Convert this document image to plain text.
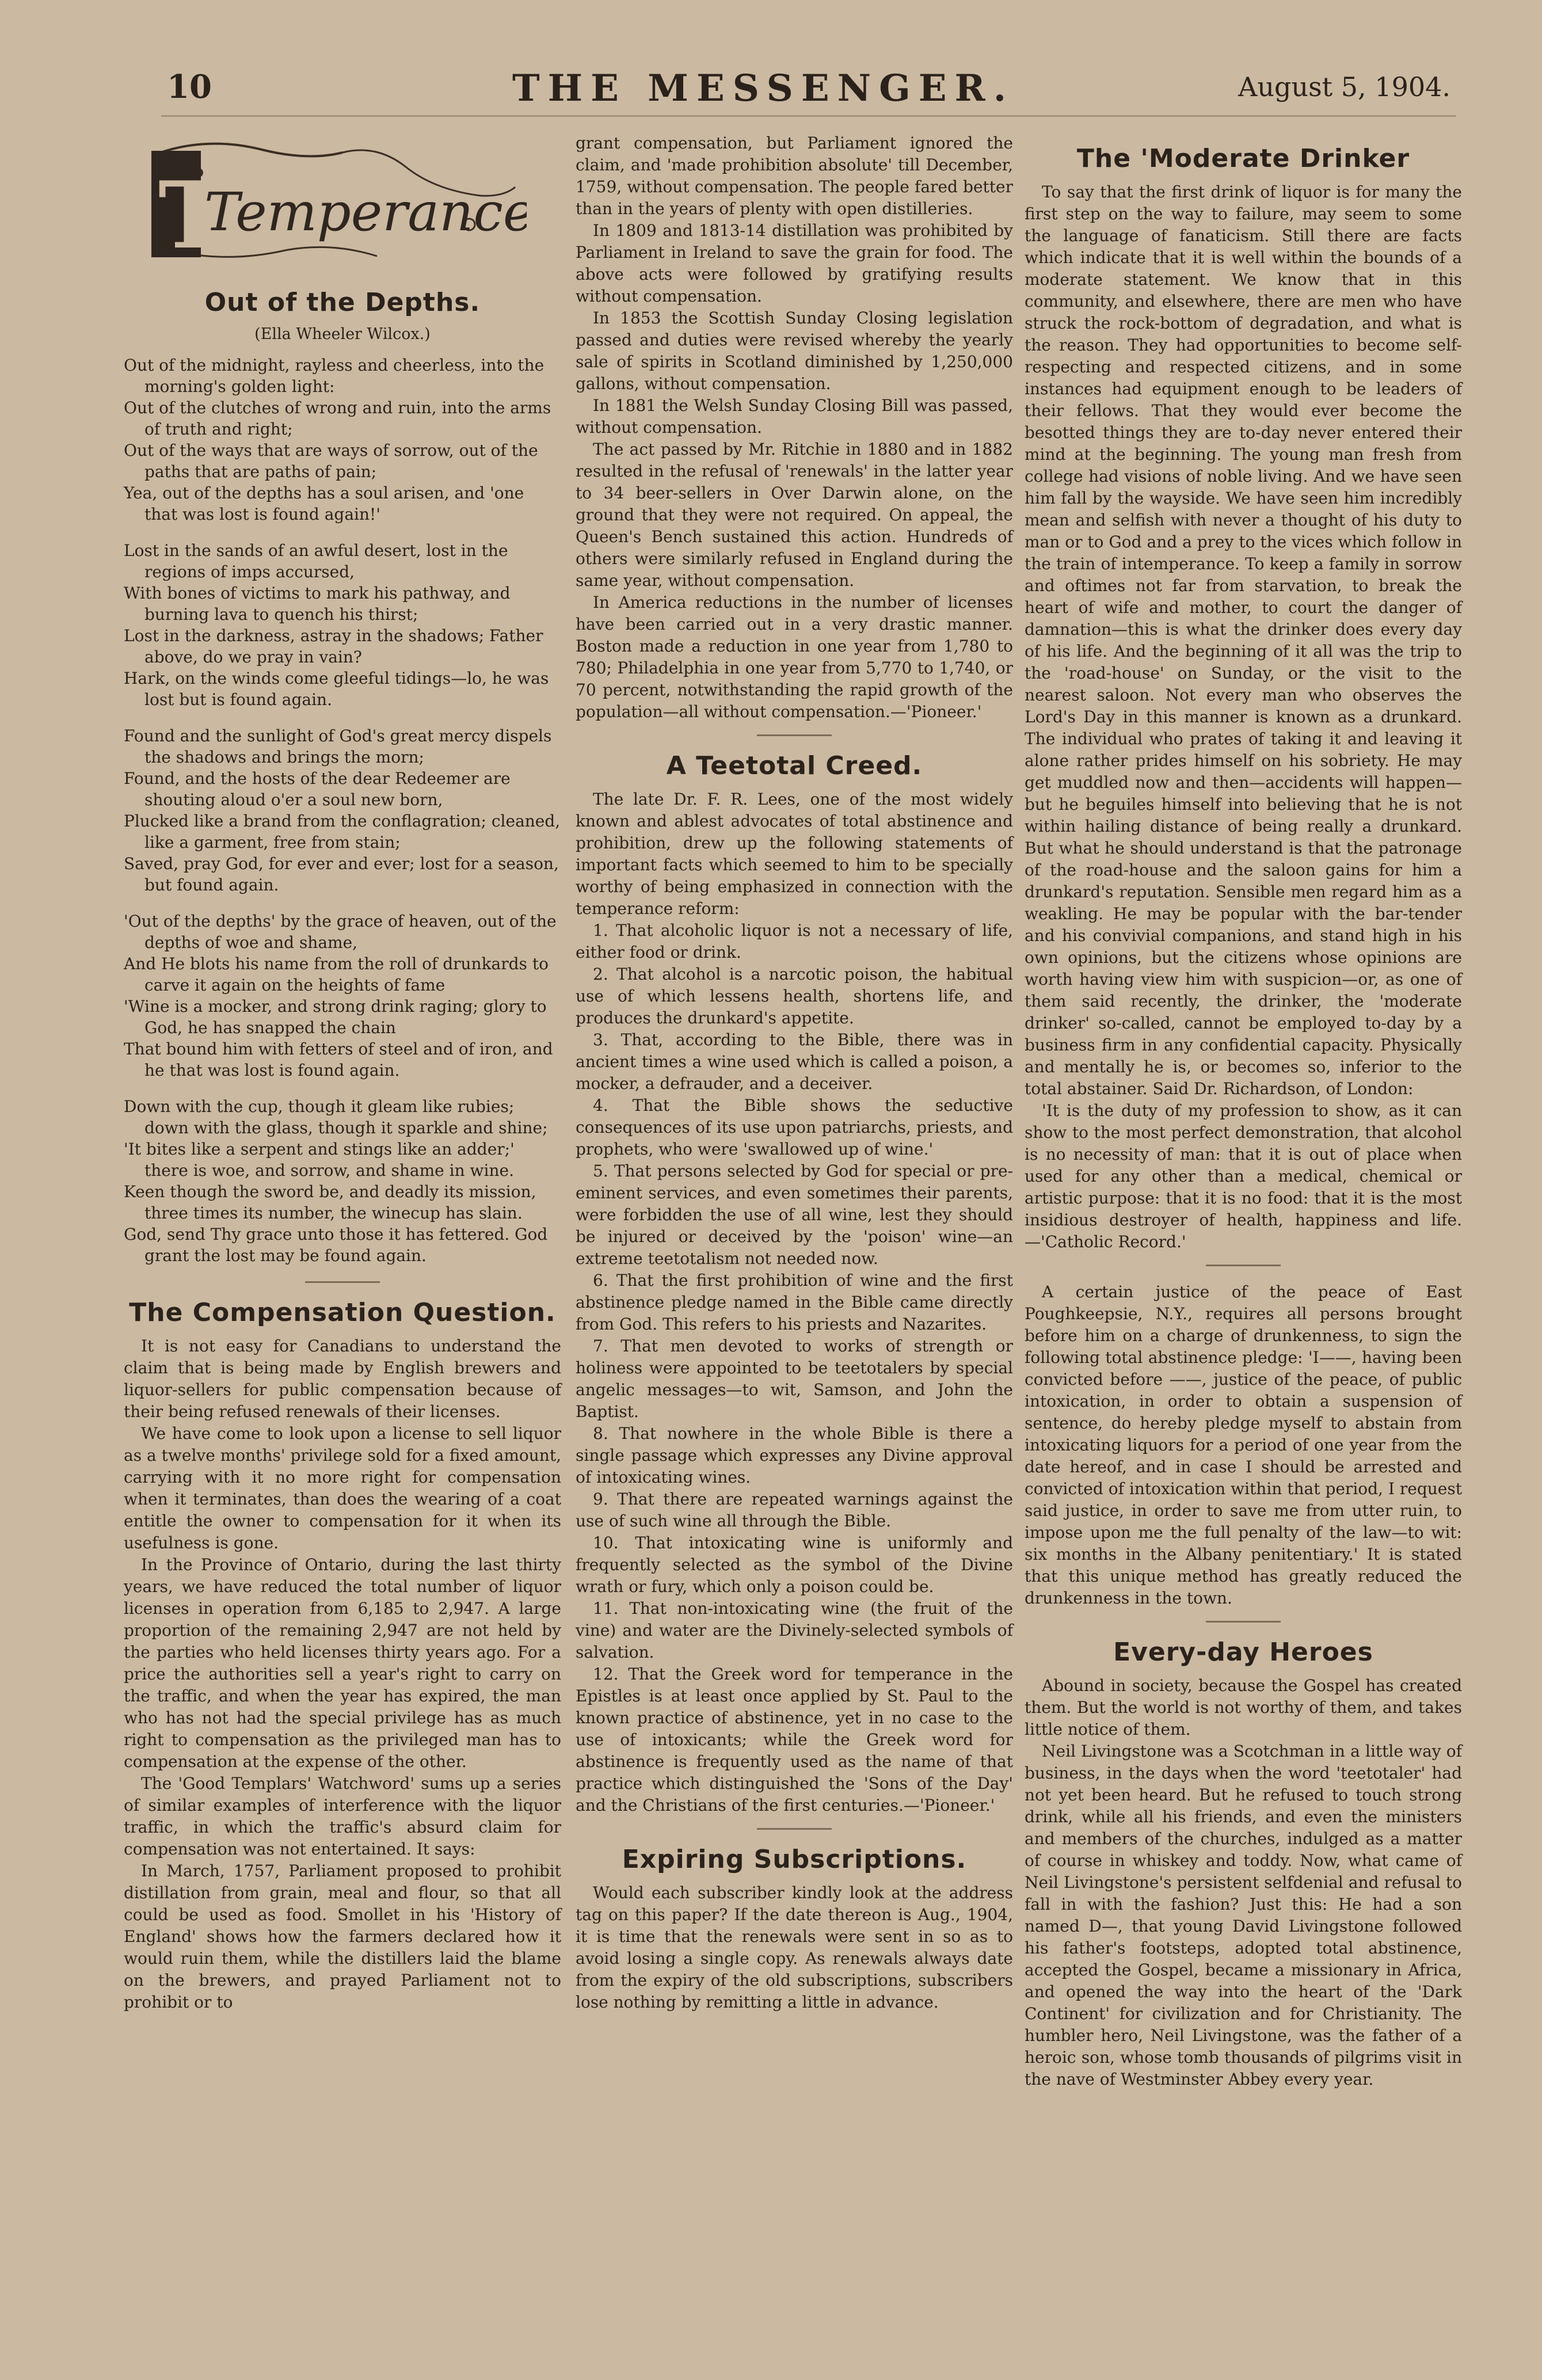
10	THE MESSENGER.	August 5, 1904.
T
Temperance
Out of the Depths.
(Ella Wheeler Wilcox.)
Out of the midnight, rayless and cheerless, into the morning's golden light:
Out of the clutches of wrong and ruin, into the arms of truth and right;
Out of the ways that are ways of sorrow, out of the paths that are paths of pain;
Yea, out of the depths has a soul arisen, and 'one that was lost is found again!'
Lost in the sands of an awful desert, lost in the regions of imps accursed,
With bones of victims to mark his pathway, and burning lava to quench his thirst;
Lost in the darkness, astray in the shadows; Father above, do we pray in vain?
Hark, on the winds come gleeful tidings—lo, he was lost but is found again.
Found and the sunlight of God's great mercy dispels the shadows and brings the morn;
Found, and the hosts of the dear Redeemer are shouting aloud o'er a soul new born,
Plucked like a brand from the conflagration; cleaned, like a garment, free from stain;
Saved, pray God, for ever and ever; lost for a season, but found again.
'Out of the depths' by the grace of heaven, out of the depths of woe and shame,
And He blots his name from the roll of drunkards to carve it again on the heights of fame
'Wine is a mocker, and strong drink raging; glory to God, he has snapped the chain
That bound him with fetters of steel and of iron, and he that was lost is found again.
Down with the cup, though it gleam like rubies; down with the glass, though it sparkle and shine;
'It bites like a serpent and stings like an adder;' there is woe, and sorrow, and shame in wine.
Keen though the sword be, and deadly its mission, three times its number, the winecup has slain.
God, send Thy grace unto those it has fettered. God grant the lost may be found again.
The Compensation Question.

It is not easy for Canadians to understand the claim that is being made by English brewers and liquor-sellers for public compensation because of their being refused renewals of their licenses.

We have come to look upon a license to sell liquor as a twelve months' privilege sold for a fixed amount, carrying with it no more right for compensation when it terminates, than does the wearing of a coat entitle the owner to compensation for it when its usefulness is gone.

In the Province of Ontario, during the last thirty years, we have reduced the total number of liquor licenses in operation from 6,185 to 2,947. A large proportion of the remaining 2,947 are not held by the parties who held licenses thirty years ago. For a price the authorities sell a year's right to carry on the traffic, and when the year has expired, the man who has not had the special privilege has as much right to compensation as the privileged man has to compensation at the expense of the other.

The 'Good Templars' Watchword' sums up a series of similar examples of interference with the liquor traffic, in which the traffic's absurd claim for compensation was not entertained. It says:

In March, 1757, Parliament proposed to prohibit distillation from grain, meal and flour, so that all could be used as food. Smollet in his 'History of England' shows how the farmers declared how it would ruin them, while the distillers laid the blame on the brewers, and prayed Parliament not to prohibit or to

grant compensation, but Parliament ignored the claim, and 'made prohibition absolute' till December, 1759, without compensation. The people fared better than in the years of plenty with open distilleries.

In 1809 and 1813-14 distillation was prohibited by Parliament in Ireland to save the grain for food. The above acts were followed by gratifying results without compensation.

In 1853 the Scottish Sunday Closing legislation passed and duties were revised whereby the yearly sale of spirits in Scotland diminished by 1,250,000 gallons, without compensation.

In 1881 the Welsh Sunday Closing Bill was passed, without compensation.

The act passed by Mr. Ritchie in 1880 and in 1882 resulted in the refusal of 'renewals' in the latter year to 34 beer-sellers in Over Darwin alone, on the ground that they were not required. On appeal, the Queen's Bench sustained this action. Hundreds of others were similarly refused in England during the same year, without compensation.

In America reductions in the number of licenses have been carried out in a very drastic manner. Boston made a reduction in one year from 1,780 to 780; Philadelphia in one year from 5,770 to 1,740, or 70 percent, notwithstanding the rapid growth of the population—all without compensation.—'Pioneer.'

A Teetotal Creed.

The late Dr. F. R. Lees, one of the most widely known and ablest advocates of total abstinence and prohibition, drew up the following statements of important facts which seemed to him to be specially worthy of being emphasized in connection with the temperance reform:

1. That alcoholic liquor is not a necessary of life, either food or drink.

2. That alcohol is a narcotic poison, the habitual use of which lessens health, shortens life, and produces the drunkard's appetite.

3. That, according to the Bible, there was in ancient times a wine used which is called a poison, a mocker, a defrauder, and a deceiver.

4. That the Bible shows the seductive consequences of its use upon patriarchs, priests, and prophets, who were 'swallowed up of wine.'

5. That persons selected by God for special or pre-eminent services, and even sometimes their parents, were forbidden the use of all wine, lest they should be injured or deceived by the 'poison' wine—an extreme teetotalism not needed now.

6. That the first prohibition of wine and the first abstinence pledge named in the Bible came directly from God. This refers to his priests and Nazarites.

7. That men devoted to works of strength or holiness were appointed to be teetotalers by special angelic messages—to wit, Samson, and John the Baptist.

8. That nowhere in the whole Bible is there a single passage which expresses any Divine approval of intoxicating wines.

9. That there are repeated warnings against the use of such wine all through the Bible.

10. That intoxicating wine is uniformly and frequently selected as the symbol of the Divine wrath or fury, which only a poison could be.

11. That non-intoxicating wine (the fruit of the vine) and water are the Divinely-selected symbols of salvation.

12. That the Greek word for temperance in the Epistles is at least once applied by St. Paul to the known practice of abstinence, yet in no case to the use of intoxicants; while the Greek word for abstinence is frequently used as the name of that practice which distinguished the 'Sons of the Day' and the Christians of the first centuries.—'Pioneer.'

Expiring Subscriptions.

Would each subscriber kindly look at the address tag on this paper? If the date thereon is Aug., 1904, it is time that the renewals were sent in so as to avoid losing a single copy. As renewals always date from the expiry of the old subscriptions, subscribers lose nothing by remitting a little in advance.

The 'Moderate Drinker

To say that the first drink of liquor is for many the first step on the way to failure, may seem to some the language of fanaticism. Still there are facts which indicate that it is well within the bounds of a moderate statement. We know that in this community, and elsewhere, there are men who have struck the rock-bottom of degradation, and what is the reason. They had opportunities to become self-respecting and respected citizens, and in some instances had equipment enough to be leaders of their fellows. That they would ever become the besotted things they are to-day never entered their mind at the beginning. The young man fresh from college had visions of noble living. And we have seen him fall by the wayside. We have seen him incredibly mean and selfish with never a thought of his duty to man or to God and a prey to the vices which follow in the train of intemperance. To keep a family in sorrow and oftimes not far from starvation, to break the heart of wife and mother, to court the danger of damnation—this is what the drinker does every day of his life. And the beginning of it all was the trip to the 'road-house' on Sunday, or the visit to the nearest saloon. Not every man who observes the Lord's Day in this manner is known as a drunkard. The individual who prates of taking it and leaving it alone rather prides himself on his sobriety. He may get muddled now and then—accidents will happen—but he beguiles himself into believing that he is not within hailing distance of being really a drunkard. But what he should understand is that the patronage of the road-house and the saloon gains for him a drunkard's reputation. Sensible men regard him as a weakling. He may be popular with the bar-tender and his convivial companions, and stand high in his own opinions, but the citizens whose opinions are worth having view him with suspicion—or, as one of them said recently, the drinker, the 'moderate drinker' so-called, cannot be employed to-day by a business firm in any confidential capacity. Physically and mentally he is, or becomes so, inferior to the total abstainer. Said Dr. Richardson, of London:

'It is the duty of my profession to show, as it can show to the most perfect demonstration, that alcohol is no necessity of man: that it is out of place when used for any other than a medical, chemical or artistic purpose: that it is no food: that it is the most insidious destroyer of health, happiness and life.—'Catholic Record.'

A certain justice of the peace of East Poughkeepsie, N.Y., requires all persons brought before him on a charge of drunkenness, to sign the following total abstinence pledge: 'I——, having been convicted before ——, justice of the peace, of public intoxication, in order to obtain a suspension of sentence, do hereby pledge myself to abstain from intoxicating liquors for a period of one year from the date hereof, and in case I should be arrested and convicted of intoxication within that period, I request said justice, in order to save me from utter ruin, to impose upon me the full penalty of the law—to wit: six months in the Albany penitentiary.' It is stated that this unique method has greatly reduced the drunkenness in the town.

Every-day Heroes

Abound in society, because the Gospel has created them. But the world is not worthy of them, and takes little notice of them.

Neil Livingstone was a Scotchman in a little way of business, in the days when the word 'teetotaler' had not yet been heard. But he refused to touch strong drink, while all his friends, and even the ministers and members of the churches, indulged as a matter of course in whiskey and toddy. Now, what came of Neil Livingstone's persistent selfdenial and refusal to fall in with the fashion? Just this: He had a son named D—, that young David Livingstone followed his father's footsteps, adopted total abstinence, accepted the Gospel, became a missionary in Africa, and opened the way into the heart of the 'Dark Continent' for civilization and for Christianity. The humbler hero, Neil Livingstone, was the father of a heroic son, whose tomb thousands of pilgrims visit in the nave of Westminster Abbey every year.
